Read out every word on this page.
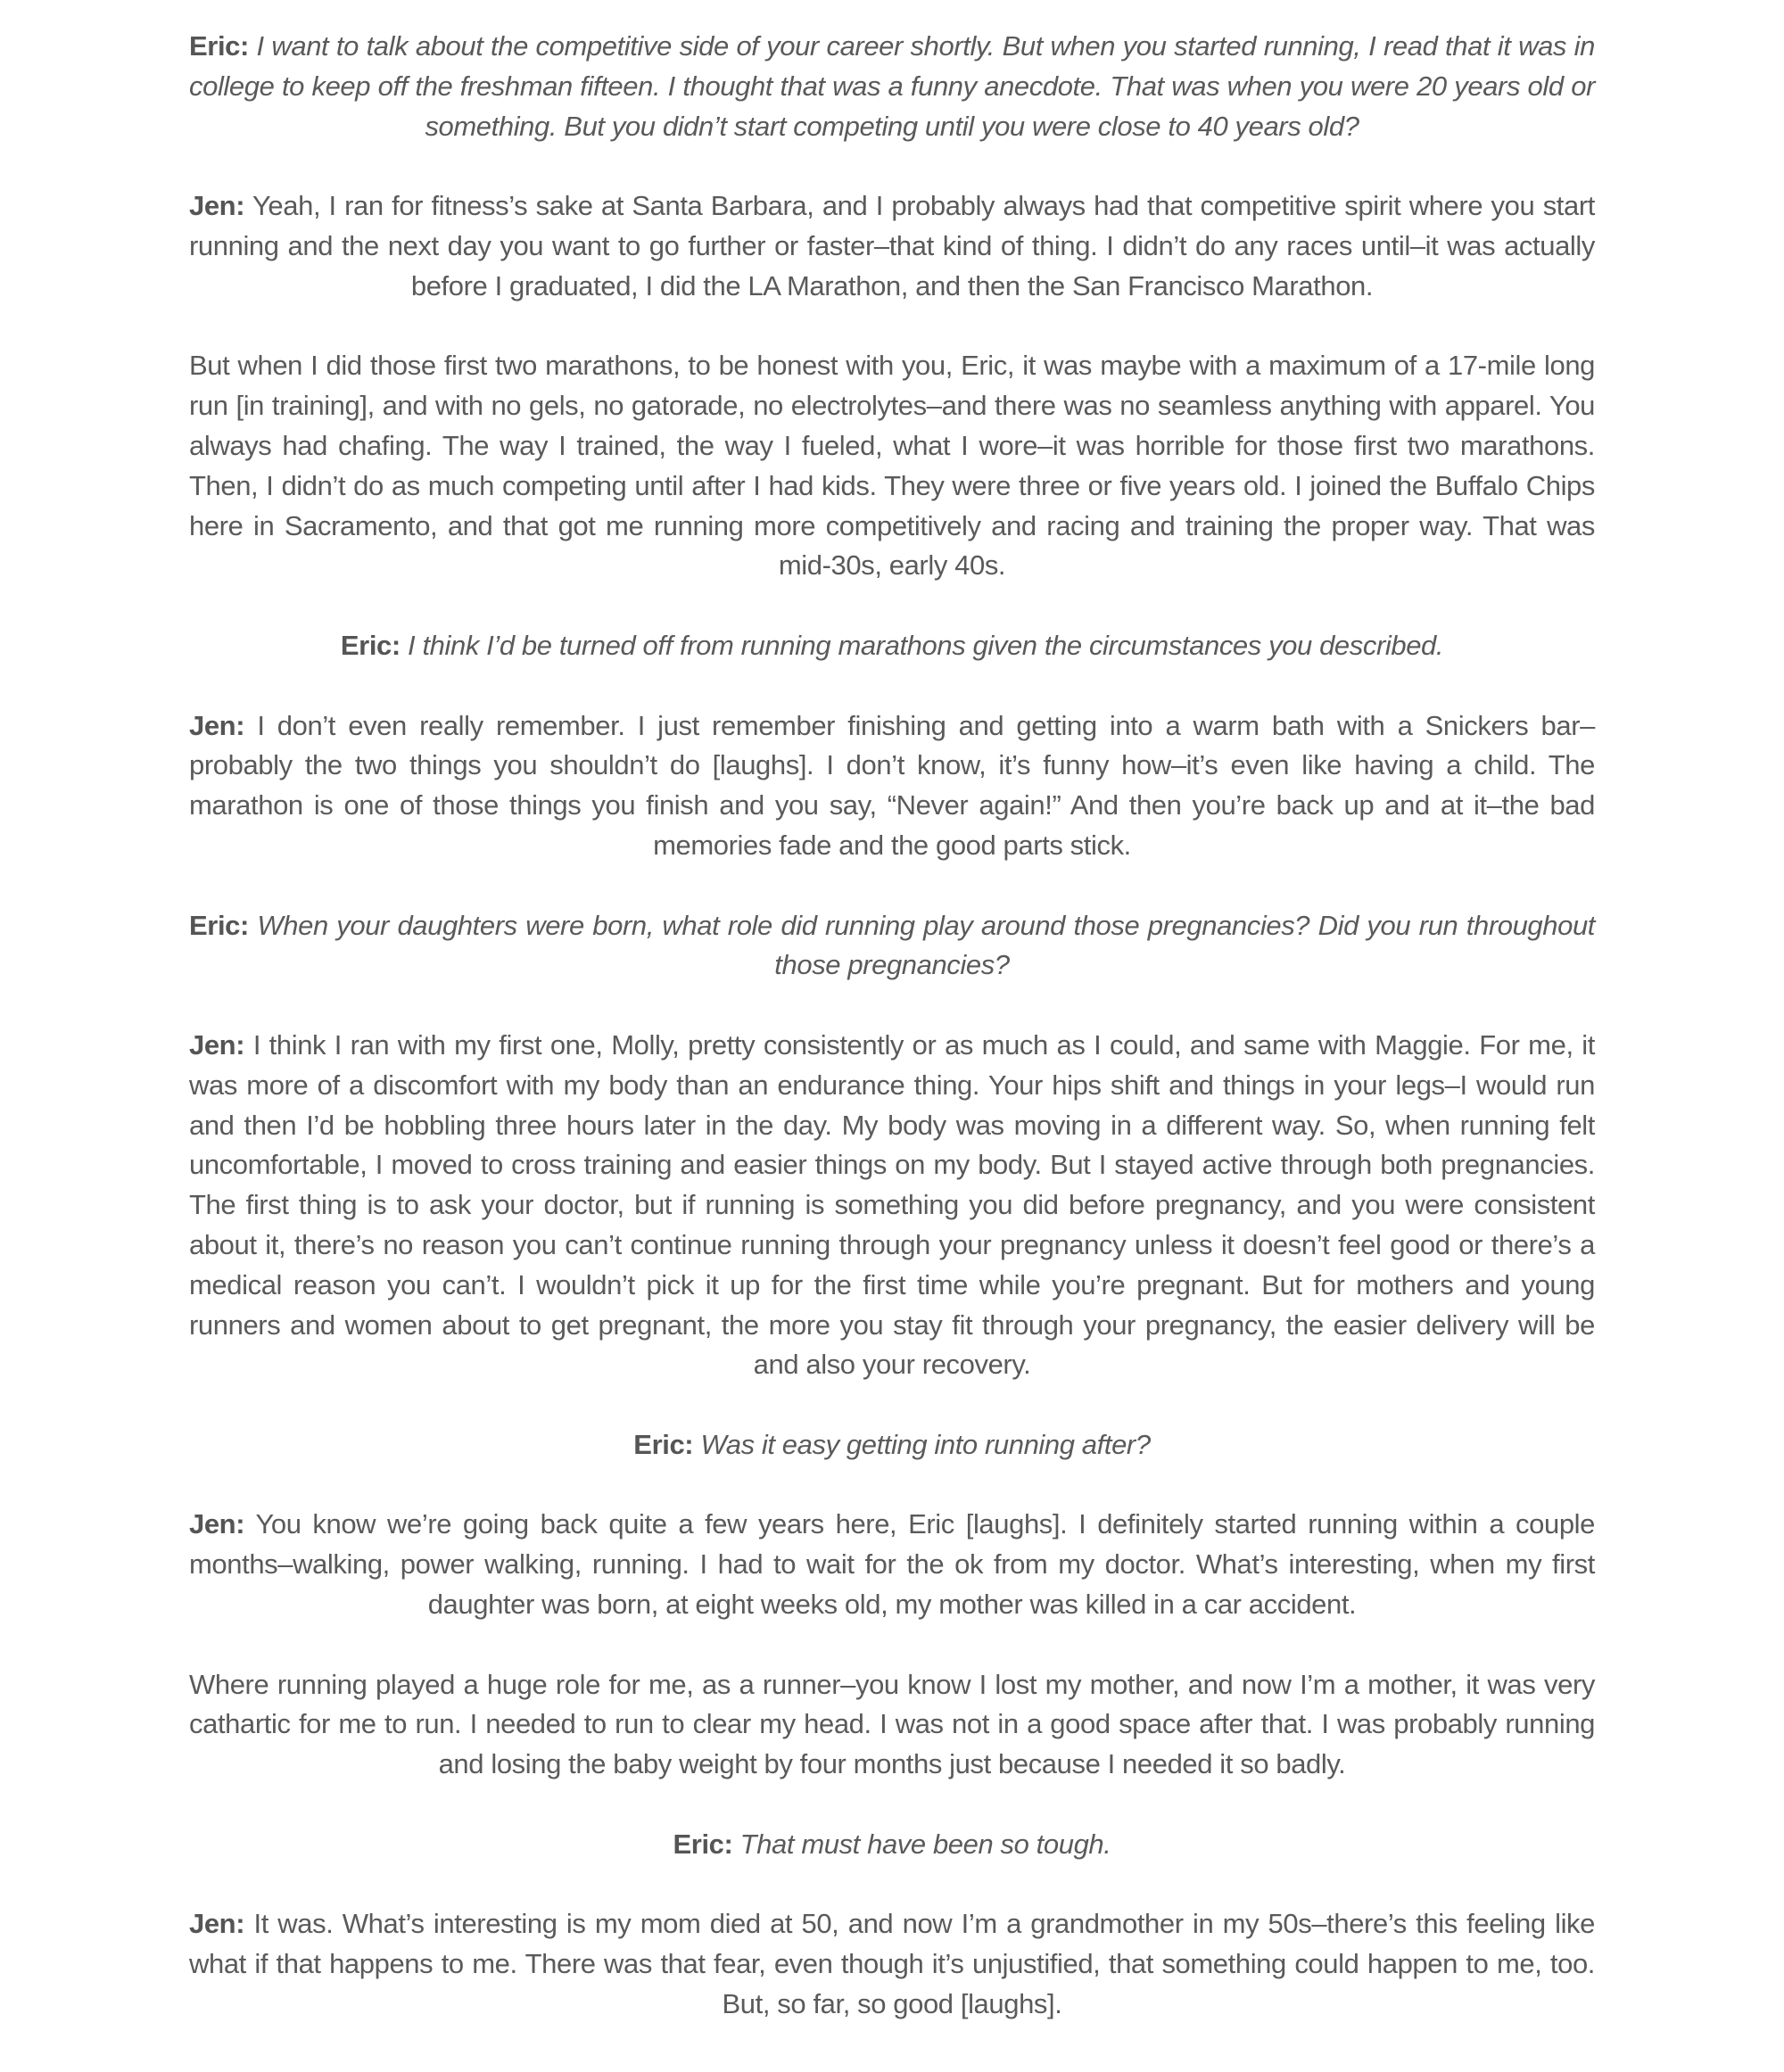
Eric: I want to talk about the competitive side of your career shortly. But when you started running, I read that it was in college to keep off the freshman fifteen. I thought that was a funny anecdote. That was when you were 20 years old or something. But you didn’t start competing until you were close to 40 years old?

Jen: Yeah, I ran for fitness’s sake at Santa Barbara, and I probably always had that competitive spirit where you start running and the next day you want to go further or faster–that kind of thing. I didn’t do any races until–it was actually before I graduated, I did the LA Marathon, and then the San Francisco Marathon.

But when I did those first two marathons, to be honest with you, Eric, it was maybe with a maximum of a 17-mile long run [in training], and with no gels, no gatorade, no electrolytes–and there was no seamless anything with apparel. You always had chafing. The way I trained, the way I fueled, what I wore–it was horrible for those first two marathons. Then, I didn’t do as much competing until after I had kids. They were three or five years old. I joined the Buffalo Chips here in Sacramento, and that got me running more competitively and racing and training the proper way. That was mid-30s, early 40s.

Eric: I think I’d be turned off from running marathons given the circumstances you described.

Jen: I don’t even really remember. I just remember finishing and getting into a warm bath with a Snickers bar–probably the two things you shouldn’t do [laughs]. I don’t know, it’s funny how–it’s even like having a child. The marathon is one of those things you finish and you say, “Never again!” And then you’re back up and at it–the bad memories fade and the good parts stick.

Eric: When your daughters were born, what role did running play around those pregnancies? Did you run throughout those pregnancies?

Jen: I think I ran with my first one, Molly, pretty consistently or as much as I could, and same with Maggie. For me, it was more of a discomfort with my body than an endurance thing. Your hips shift and things in your legs–I would run and then I’d be hobbling three hours later in the day. My body was moving in a different way. So, when running felt uncomfortable, I moved to cross training and easier things on my body. But I stayed active through both pregnancies. The first thing is to ask your doctor, but if running is something you did before pregnancy, and you were consistent about it, there’s no reason you can’t continue running through your pregnancy unless it doesn’t feel good or there’s a medical reason you can’t. I wouldn’t pick it up for the first time while you’re pregnant. But for mothers and young runners and women about to get pregnant, the more you stay fit through your pregnancy, the easier delivery will be and also your recovery.

Eric: Was it easy getting into running after?

Jen: You know we’re going back quite a few years here, Eric [laughs]. I definitely started running within a couple months–walking, power walking, running. I had to wait for the ok from my doctor. What’s interesting, when my first daughter was born, at eight weeks old, my mother was killed in a car accident.

Where running played a huge role for me, as a runner–you know I lost my mother, and now I’m a mother, it was very cathartic for me to run. I needed to run to clear my head. I was not in a good space after that. I was probably running and losing the baby weight by four months just because I needed it so badly.

Eric: That must have been so tough.

Jen: It was. What’s interesting is my mom died at 50, and now I’m a grandmother in my 50s–there’s this feeling like what if that happens to me. There was that fear, even though it’s unjustified, that something could happen to me, too. But, so far, so good [laughs].
